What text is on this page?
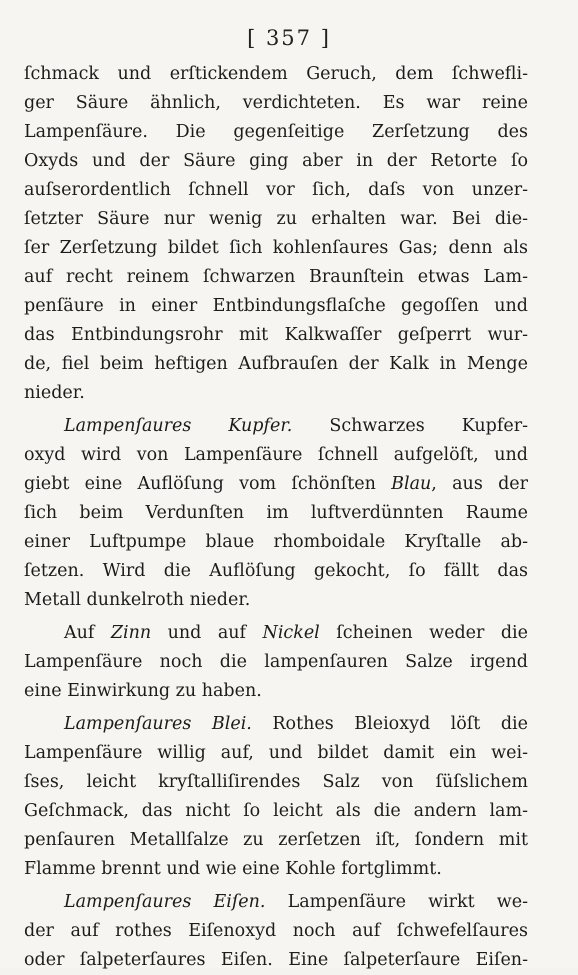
[ 357 ]
ſchmack und erſtickendem Geruch, dem ſchwefli-
ger Säure ähnlich, verdichteten. Es war reine
Lampenſäure. Die gegenſeitige Zerſetzung des
Oxyds und der Säure ging aber in der Retorte ſo
auſserordentlich ſchnell vor ſich, daſs von unzer-
ſetzter Säure nur wenig zu erhalten war. Bei die-
ſer Zerſetzung bildet ſich kohlenſaures Gas; denn als
auf recht reinem ſchwarzen Braunſtein etwas Lam-
penſäure in einer Entbindungsflaſche gegoſſen und
das Entbindungsrohr mit Kalkwaſſer geſperrt wur-
de, fiel beim heftigen Aufbrauſen der Kalk in Menge
nieder.
Lampenſaures Kupfer. Schwarzes Kupfer-
oxyd wird von Lampenſäure ſchnell aufgelöſt, und
giebt eine Auflöſung vom ſchönſten Blau, aus der
ſich beim Verdunſten im luftverdünnten Raume
einer Luftpumpe blaue rhomboidale Kryſtalle ab-
ſetzen. Wird die Auflöſung gekocht, ſo fällt das
Metall dunkelroth nieder.
Auf Zinn und auf Nickel ſcheinen weder die
Lampenſäure noch die lampenſauren Salze irgend
eine Einwirkung zu haben.
Lampenſaures Blei. Rothes Bleioxyd löſt die
Lampenſäure willig auf, und bildet damit ein wei-
ſses, leicht kryſtalliſirendes Salz von ſüſslichem
Geſchmack, das nicht ſo leicht als die andern lam-
penſauren Metallſalze zu zerſetzen iſt, ſondern mit
Flamme brennt und wie eine Kohle fortglimmt.
Lampenſaures Eiſen. Lampenſäure wirkt we-
der auf rothes Eiſenoxyd noch auf ſchwefelſaures
oder ſalpeterſaures Eiſen. Eine ſalpeterſaure Eiſen-
